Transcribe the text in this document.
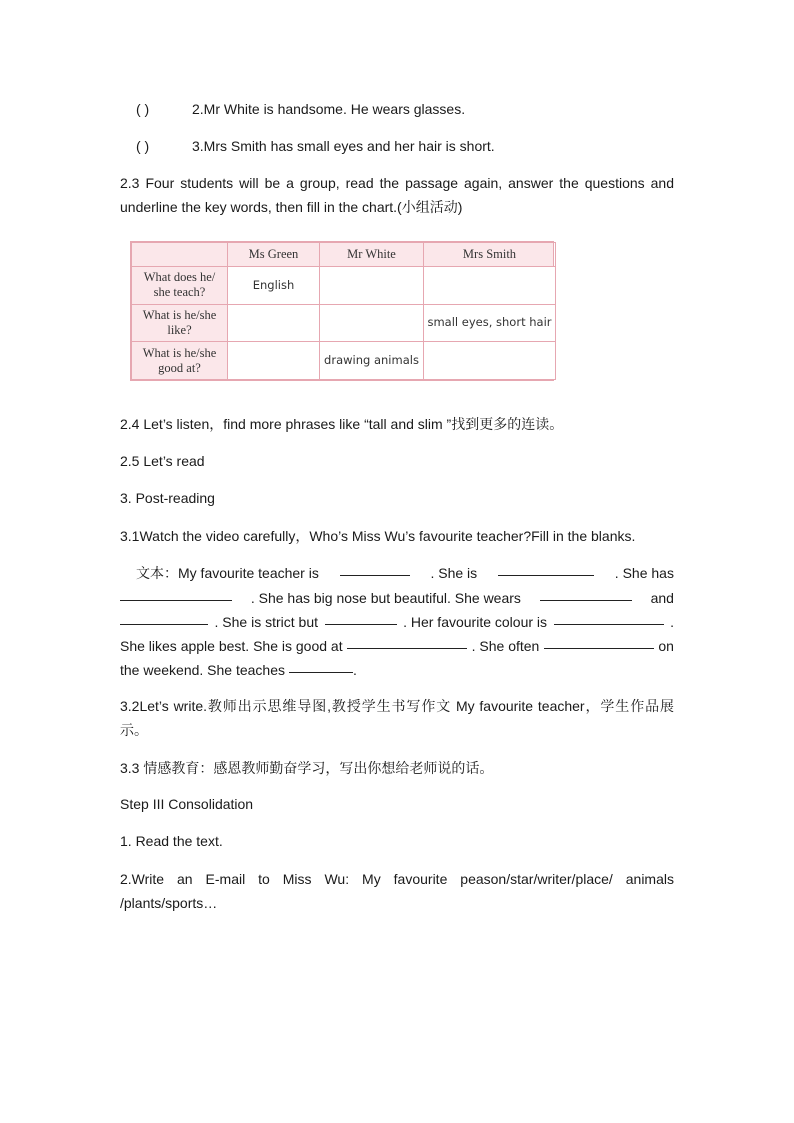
( )	2.Mr White is handsome. He wears glasses.
( )	3.Mrs Smith has small eyes and her hair is short.
2.3 Four students will be a group, read the passage again, answer the questions and underline the key words, then fill in the chart.(小组活动)
	Ms Green	Mr White	Mrs Smith
What does he/ she teach?	English		
What is he/she like?			small eyes, short hair
What is he/she good at?		drawing animals	
2.4 Let’s listen，find more phrases like “tall and slim ”找到更多的连读。
2.5 Let’s read
3. Post-reading
3.1Watch the video carefully，Who’s Miss Wu’s favourite teacher?Fill in the blanks.
文本：My favourite teacher is	. She is	. She has
. She has big nose but beautiful. She wears	and
. She is strict but	. Her favourite colour is	.
She likes apple best. She is good at	. She often	on
the weekend. She teaches	.
3.2Let’s write.教师出示思维导图,教授学生书写作文 My favourite teacher，学生作品展示。
3.3 情感教育：感恩教师勤奋学习，写出你想给老师说的话。
Step III Consolidation
1. Read the text.
2.Write an E-mail to Miss Wu: My favourite peason/star/writer/place/ animals /plants/sports…
